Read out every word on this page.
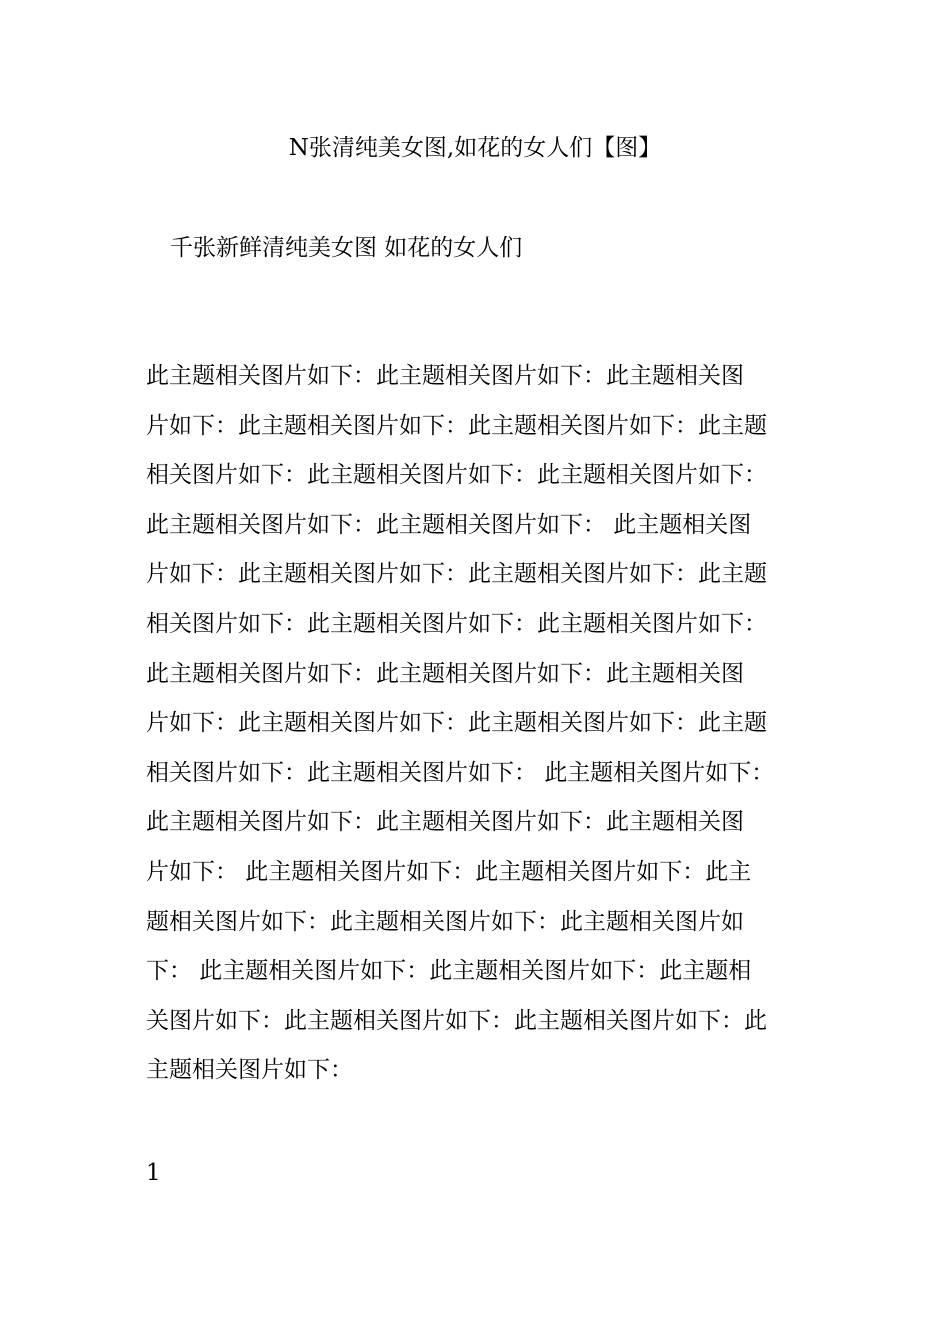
N张清纯美女图,如花的女人们【图】

千张新鲜清纯美女图 如花的女人们

此主题相关图片如下：此主题相关图片如下：此主题相关图
片如下：此主题相关图片如下：此主题相关图片如下：此主题
相关图片如下：此主题相关图片如下：此主题相关图片如下：
此主题相关图片如下：此主题相关图片如下： 此主题相关图
片如下：此主题相关图片如下：此主题相关图片如下：此主题
相关图片如下：此主题相关图片如下：此主题相关图片如下：
此主题相关图片如下：此主题相关图片如下：此主题相关图
片如下：此主题相关图片如下：此主题相关图片如下：此主题
相关图片如下：此主题相关图片如下： 此主题相关图片如下：
此主题相关图片如下：此主题相关图片如下：此主题相关图
片如下： 此主题相关图片如下：此主题相关图片如下：此主
题相关图片如下：此主题相关图片如下：此主题相关图片如
下： 此主题相关图片如下：此主题相关图片如下：此主题相
关图片如下：此主题相关图片如下：此主题相关图片如下：此
主题相关图片如下：

1
